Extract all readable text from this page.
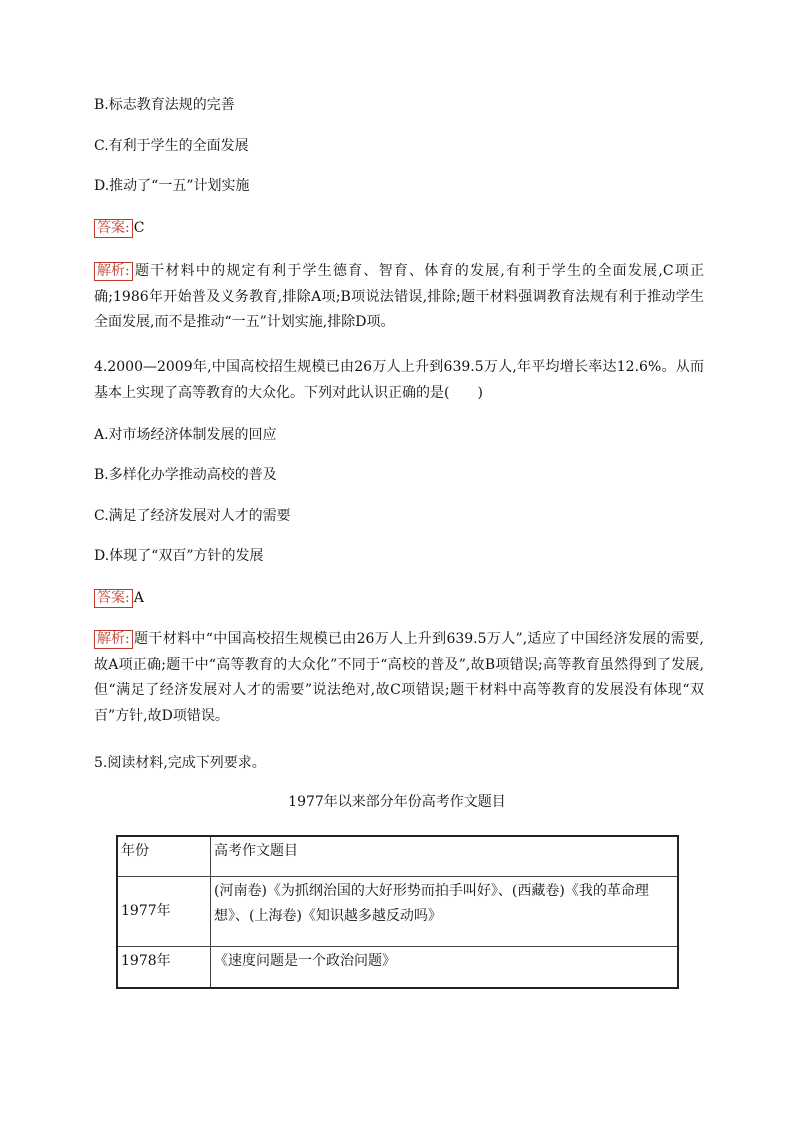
B.标志教育法规的完善
C.有利于学生的全面发展
D.推动了“一五”计划实施
答案: C
解析: 题干材料中的规定有利于学生德育、智育、体育的发展,有利于学生的全面发展,C项正确;1986年开始普及义务教育,排除A项;B项说法错误,排除;题干材料强调教育法规有利于推动学生全面发展,而不是推动“一五”计划实施,排除D项。
4.2000—2009年,中国高校招生规模已由26万人上升到639.5万人,年平均增长率达12.6%。从而基本上实现了高等教育的大众化。下列对此认识正确的是(　　)
A.对市场经济体制发展的回应
B.多样化办学推动高校的普及
C.满足了经济发展对人才的需要
D.体现了“双百”方针的发展
答案: A
解析: 题干材料中“中国高校招生规模已由26万人上升到639.5万人”,适应了中国经济发展的需要,故A项正确;题干中“高等教育的大众化”不同于“高校的普及”,故B项错误;高等教育虽然得到了发展,但“满足了经济发展对人才的需要”说法绝对,故C项错误;题干材料中高等教育的发展没有体现“双百”方针,故D项错误。
5.阅读材料,完成下列要求。
1977年以来部分年份高考作文题目
年份	高考作文题目
1977年	(河南卷)《为抓纲治国的大好形势而拍手叫好》、(西藏卷)《我的革命理想》、(上海卷)《知识越多越反动吗》
1978年	《速度问题是一个政治问题》
